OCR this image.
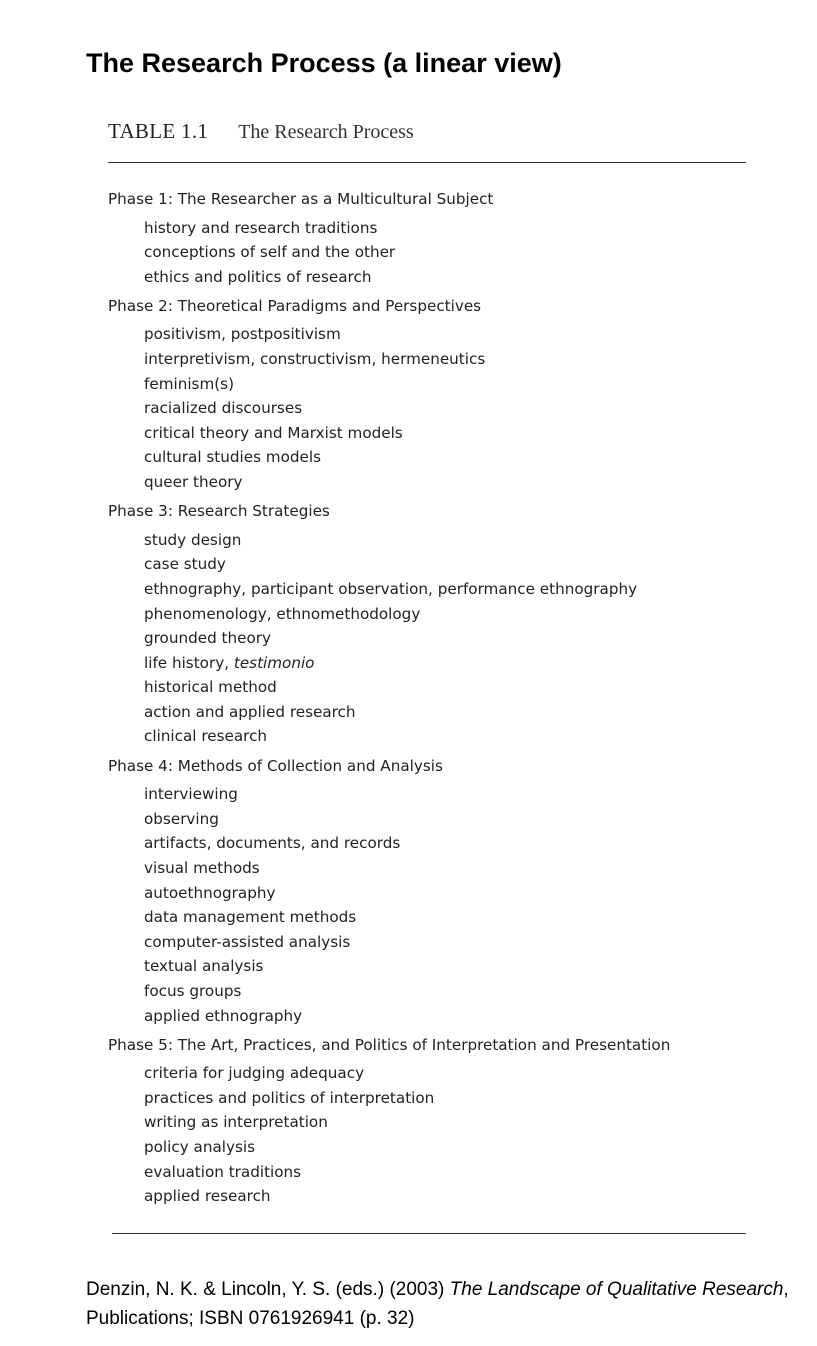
The Research Process (a linear view)
TABLE 1.1 The Research Process
Phase 1: The Researcher as a Multicultural Subject
history and research traditions
conceptions of self and the other
ethics and politics of research
Phase 2: Theoretical Paradigms and Perspectives
positivism, postpositivism
interpretivism, constructivism, hermeneutics
feminism(s)
racialized discourses
critical theory and Marxist models
cultural studies models
queer theory
Phase 3: Research Strategies
study design
case study
ethnography, participant observation, performance ethnography
phenomenology, ethnomethodology
grounded theory
life history, testimonio
historical method
action and applied research
clinical research
Phase 4: Methods of Collection and Analysis
interviewing
observing
artifacts, documents, and records
visual methods
autoethnography
data management methods
computer-assisted analysis
textual analysis
focus groups
applied ethnography
Phase 5: The Art, Practices, and Politics of Interpretation and Presentation
criteria for judging adequacy
practices and politics of interpretation
writing as interpretation
policy analysis
evaluation traditions
applied research
Denzin, N. K. & Lincoln, Y. S. (eds.) (2003) The Landscape of Qualitative Research,
Publications; ISBN 0761926941 (p. 32)
